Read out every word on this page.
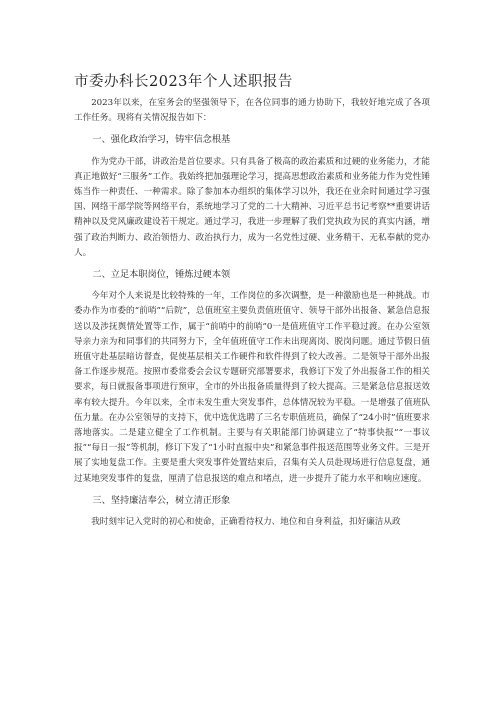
市委办科长2023年个人述职报告

2023年以来，在室务会的坚强领导下，在各位同事的通力协助下，我较好地完成了各项工作任务。现将有关情况报告如下：

一、强化政治学习，铸牢信念根基

作为党办干部，讲政治是首位要求。只有具备了极高的政治素质和过硬的业务能力，才能真正地做好“三服务”工作。我始终把加强理论学习，提高思想政治素质和业务能力作为党性锤炼当作一种责任、一种需求。除了参加本办组织的集体学习以外，我还在业余时间通过学习强国、网络干部学院等网络平台，系统地学习了党的二十大精神、习近平总书记考察**重要讲话精神以及党风廉政建设若干规定。通过学习，我进一步理解了我们党执政为民的真实内涵，增强了政治判断力、政治领悟力、政治执行力，成为一名党性过硬、业务精干、无私奉献的党办人。

二、立足本职岗位，锤炼过硬本领

今年对个人来说是比较特殊的一年，工作岗位的多次调整，是一种激励也是一种挑战。市委办作为市委的“前哨”“后院”，总值班室主要负责值班值守、领导干部外出报备、紧急信息报送以及涉抚舆情处置等工作，属于“前哨中的前哨”0一是值班值守工作平稳过渡。在办公室领导亲力亲为和同事们的共同努力下，全年值班值守工作未出现离岗、脱岗问题。通过节假日值班值守赴基层暗访督查，促使基层相关工作硬件和软件得到了较大改善。二是领导干部外出报备工作逐步规范。按照市委常委会会议专题研究部署要求，我修订下发了外出报备工作的相关要求，每日就报备事项进行预审，全市的外出报备质量得到了较大提高。三是紧急信息报送效率有较大提升。今年以来，全市未发生重大突发事件，总体情况较为平稳。一是增强了值班队伍力量。在办公室领导的支持下，优中选优选聘了三名专职值班员，确保了“24小时”值班要求落地落实。二是建立健全了工作机制。主要与有关职能部门协调建立了“特事快报”“一事议报”“每日一报”等机制，修订下发了“1小时直报中央”和紧急事件报送范围等业务文件。三是开展了实地复盘工作。主要是重大突发事件处置结束后，召集有关人员赴现场进行信息复盘，通过某地突发事件的复盘，厘清了信息报送的难点和堵点，进一步提升了能力水平和响应速度。

三、坚持廉洁奉公，树立清正形象

我时刻牢记入党时的初心和使命，正确看待权力、地位和自身利益，扣好廉洁从政
